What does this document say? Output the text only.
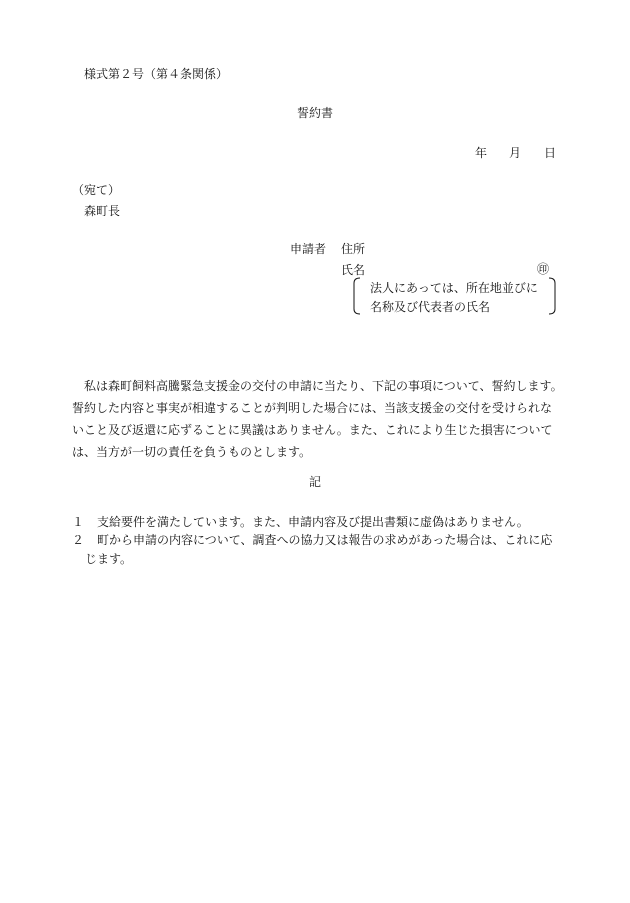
様式第２号（第４条関係）
誓約書
年 月 日
（宛て）
森町長
申請者 住所
氏名	㊞
法人にあっては、所在地並びに
名称及び代表者の氏名
　私は森町飼料高騰緊急支援金の交付の申請に当たり、下記の事項について、誓約します。
誓約した内容と事実が相違することが判明した場合には、当該支援金の交付を受けられな
いこと及び返還に応ずることに異議はありません。また、これにより生じた損害について
は、当方が一切の責任を負うものとします。
記
１ 支給要件を満たしています。また、申請内容及び提出書類に虚偽はありません。
２ 町から申請の内容について、調査への協力又は報告の求めがあった場合は、これに応
じます。
